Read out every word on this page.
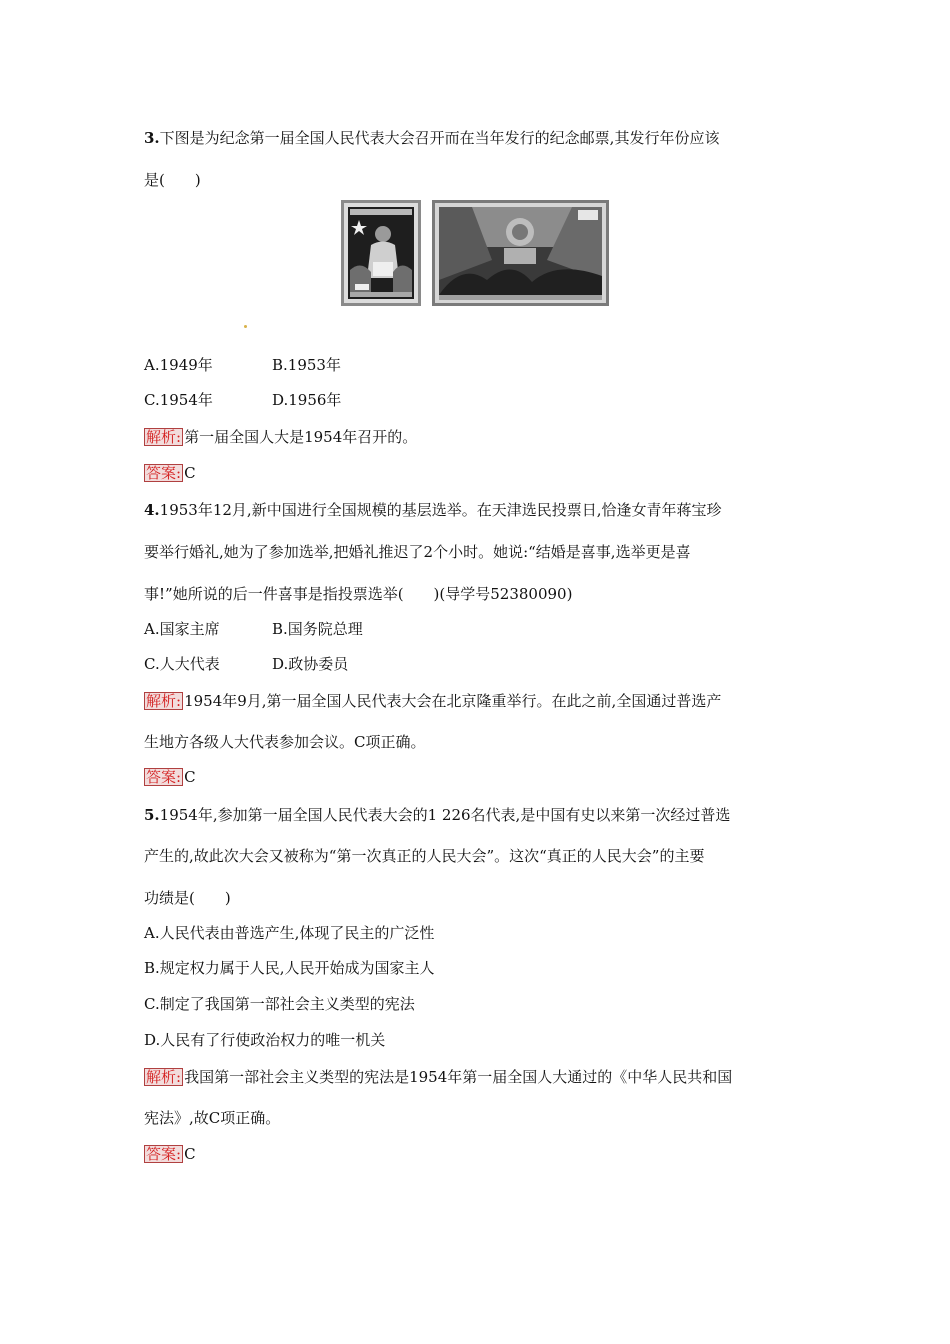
3.下图是为纪念第一届全国人民代表大会召开而在当年发行的纪念邮票,其发行年份应该
是(　　)
A.1949年	B.1953年
C.1954年	D.1956年
解析: 第一届全国人大是1954年召开的。
答案: C
4.1953年12月,新中国进行全国规模的基层选举。在天津选民投票日,恰逢女青年蒋宝珍
要举行婚礼,她为了参加选举,把婚礼推迟了2个小时。她说:“结婚是喜事,选举更是喜
事!”她所说的后一件喜事是指投票选举(　　)(导学号52380090)
A.国家主席	B.国务院总理
C.人大代表	D.政协委员
解析: 1954年9月,第一届全国人民代表大会在北京隆重举行。在此之前,全国通过普选产
生地方各级人大代表参加会议。C项正确。
答案: C
5.1954年,参加第一届全国人民代表大会的1 226名代表,是中国有史以来第一次经过普选
产生的,故此次大会又被称为“第一次真正的人民大会”。这次“真正的人民大会”的主要
功绩是(　　)
A.人民代表由普选产生,体现了民主的广泛性
B.规定权力属于人民,人民开始成为国家主人
C.制定了我国第一部社会主义类型的宪法
D.人民有了行使政治权力的唯一机关
解析: 我国第一部社会主义类型的宪法是1954年第一届全国人大通过的《中华人民共和国
宪法》,故C项正确。
答案: C
